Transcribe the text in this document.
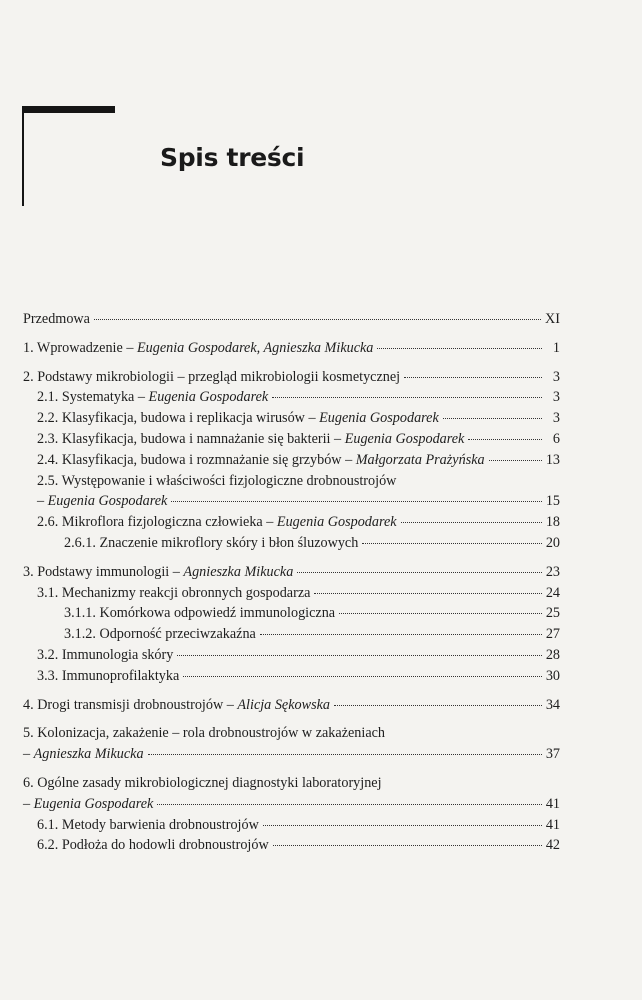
Spis treści
Przedmowa	XI
1. Wprowadzenie – Eugenia Gospodarek, Agnieszka Mikucka	1
2. Podstawy mikrobiologii – przegląd mikrobiologii kosmetycznej	3
2.1. Systematyka – Eugenia Gospodarek	3
2.2. Klasyfikacja, budowa i replikacja wirusów – Eugenia Gospodarek	3
2.3. Klasyfikacja, budowa i namnażanie się bakterii – Eugenia Gospodarek	6
2.4. Klasyfikacja, budowa i rozmnażanie się grzybów – Małgorzata Prażyńska	13
2.5. Występowanie i właściwości fizjologiczne drobnoustrojów
– Eugenia Gospodarek	15
2.6. Mikroflora fizjologiczna człowieka – Eugenia Gospodarek	18
2.6.1. Znaczenie mikroflory skóry i błon śluzowych	20
3. Podstawy immunologii – Agnieszka Mikucka	23
3.1. Mechanizmy reakcji obronnych gospodarza	24
3.1.1. Komórkowa odpowiedź immunologiczna	25
3.1.2. Odporność przeciwzakaźna	27
3.2. Immunologia skóry	28
3.3. Immunoprofilaktyka	30
4. Drogi transmisji drobnoustrojów – Alicja Sękowska	34
5. Kolonizacja, zakażenie – rola drobnoustrojów w zakażeniach
– Agnieszka Mikucka	37
6. Ogólne zasady mikrobiologicznej diagnostyki laboratoryjnej
– Eugenia Gospodarek	41
6.1. Metody barwienia drobnoustrojów	41
6.2. Podłoża do hodowli drobnoustrojów	42
